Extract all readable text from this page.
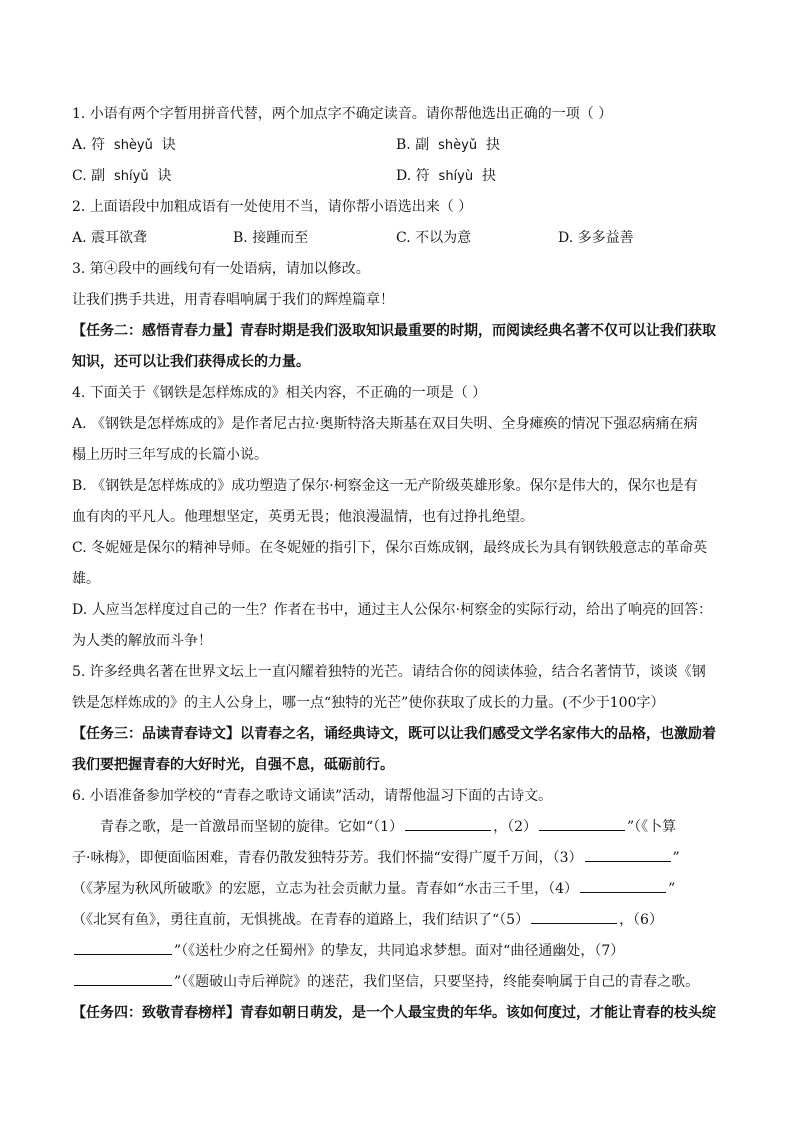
1. 小语有两个字暂用拼音代替，两个加点字不确定读音。请你帮他选出正确的一项（ ）
A. 符 shèyǔ 诀	B. 副 shèyǔ 抉
C. 副 shíyǔ 诀	D. 符 shíyù 抉
2. 上面语段中加粗成语有一处使用不当，请你帮小语选出来（ ）
A. 震耳欲聋	B. 接踵而至	C. 不以为意	D. 多多益善
3. 第④段中的画线句有一处语病，请加以修改。
让我们携手共进，用青春唱响属于我们的辉煌篇章！
【任务二：感悟青春力量】青春时期是我们汲取知识最重要的时期，而阅读经典名著不仅可以让我们获取
知识，还可以让我们获得成长的力量。
4. 下面关于《钢铁是怎样炼成的》相关内容，不正确的一项是（ ）
A. 《钢铁是怎样炼成的》是作者尼古拉·奥斯特洛夫斯基在双目失明、全身瘫痪的情况下强忍病痛在病
榻上历时三年写成的长篇小说。
B. 《钢铁是怎样炼成的》成功塑造了保尔·柯察金这一无产阶级英雄形象。保尔是伟大的，保尔也是有
血有肉的平凡人。他理想坚定，英勇无畏；他浪漫温情，也有过挣扎绝望。
C. 冬妮娅是保尔的精神导师。在冬妮娅的指引下，保尔百炼成钢，最终成长为具有钢铁般意志的革命英
雄。
D. 人应当怎样度过自己的一生？作者在书中，通过主人公保尔·柯察金的实际行动，给出了响亮的回答：
为人类的解放而斗争！
5. 许多经典名著在世界文坛上一直闪耀着独特的光芒。请结合你的阅读体验，结合名著情节，谈谈《钢
铁是怎样炼成的》的主人公身上，哪一点“独特的光芒”使你获取了成长的力量。(不少于100字）
【任务三：品读青春诗文】以青春之名，诵经典诗文，既可以让我们感受文学名家伟大的品格，也激励着
我们要把握青春的大好时光，自强不息，砥砺前行。
6. 小语准备参加学校的“青春之歌诗文诵读”活动，请帮他温习下面的古诗文。
青春之歌，是一首激昂而坚韧的旋律。它如“（1）	，（2）	”（《卜算
子·咏梅》，即便面临困难，青春仍散发独特芬芳。我们怀揣“安得广厦千万间，（3）	”
（《茅屋为秋风所破歌》的宏愿，立志为社会贡献力量。青春如“水击三千里，（4）	”
（《北冥有鱼》，勇往直前，无惧挑战。在青春的道路上，我们结识了“（5）	，（6）
”（《送杜少府之任蜀州》的挚友，共同追求梦想。面对“曲径通幽处，（7）
”（《题破山寺后禅院》的迷茫，我们坚信，只要坚持，终能奏响属于自己的青春之歌。
【任务四：致敬青春榜样】青春如朝日萌发，是一个人最宝贵的年华。该如何度过，才能让青春的枝头绽
